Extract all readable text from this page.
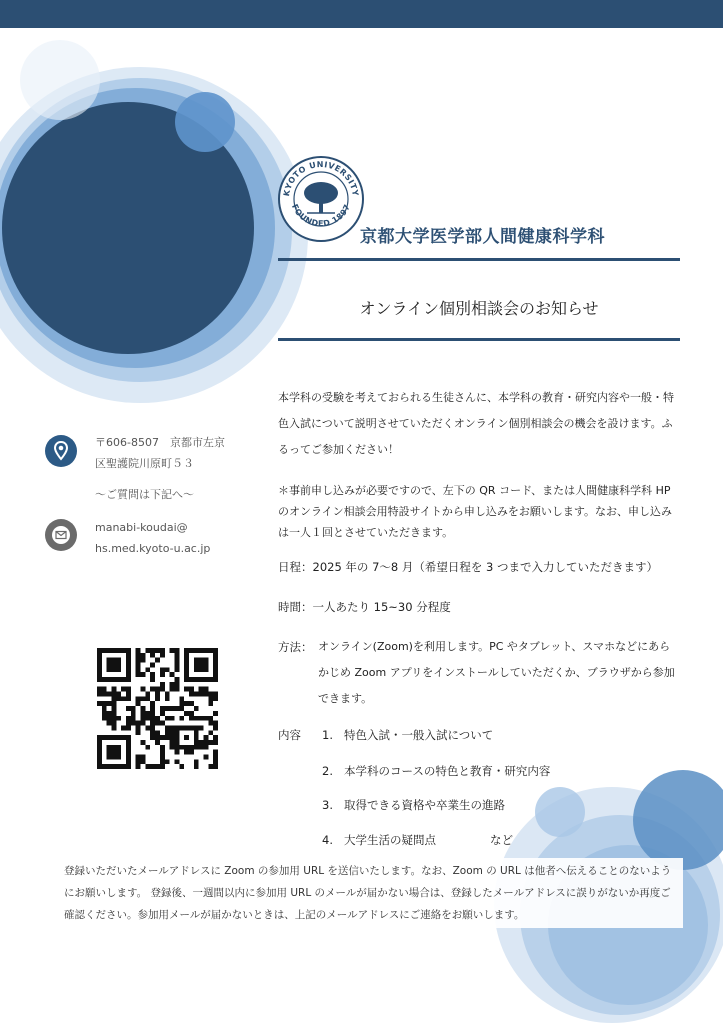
KYOTO UNIVERSITY
FOUNDED 1897
京都大学医学部人間健康科学科
オンライン個別相談会のお知らせ
本学科の受験を考えておられる生徒さんに、本学科の教育・研究内容や一般・特色入試について説明させていただくオンライン個別相談会の機会を設けます。ふるってご参加ください！
＊事前申し込みが必要ですので、左下の QR コード、または人間健康科学科 HP のオンライン相談会用特設サイトから申し込みをお願いします。なお、申し込みは一人１回とさせていただきます。
日程：2025 年の 7～8 月（希望日程を 3 つまで入力していただきます）
時間：一人あたり 15~30 分程度
方法： オンライン(Zoom)を利用します。PC やタブレット、スマホなどにあらかじめ Zoom アプリをインストールしていただくか、ブラウザから参加できます。
内容 1. 特色入試・一般入試について
2. 本学科のコースの特色と教育・研究内容
3. 取得できる資格や卒業生の進路
4. 大学生活の疑問点	など
〒606-8507　京都市左京
区聖護院川原町５３
～ご質問は下記へ～
manabi-koudai@
hs.med.kyoto-u.ac.jp
登録いただいたメールアドレスに Zoom の参加用 URL を送信いたします。なお、Zoom の URL は他者へ伝えることのないようにお願いします。 登録後、一週間以内に参加用 URL のメールが届かない場合は、登録したメールアドレスに誤りがないか再度ご確認ください。参加用メールが届かないときは、上記のメールアドレスにご連絡をお願いします。
